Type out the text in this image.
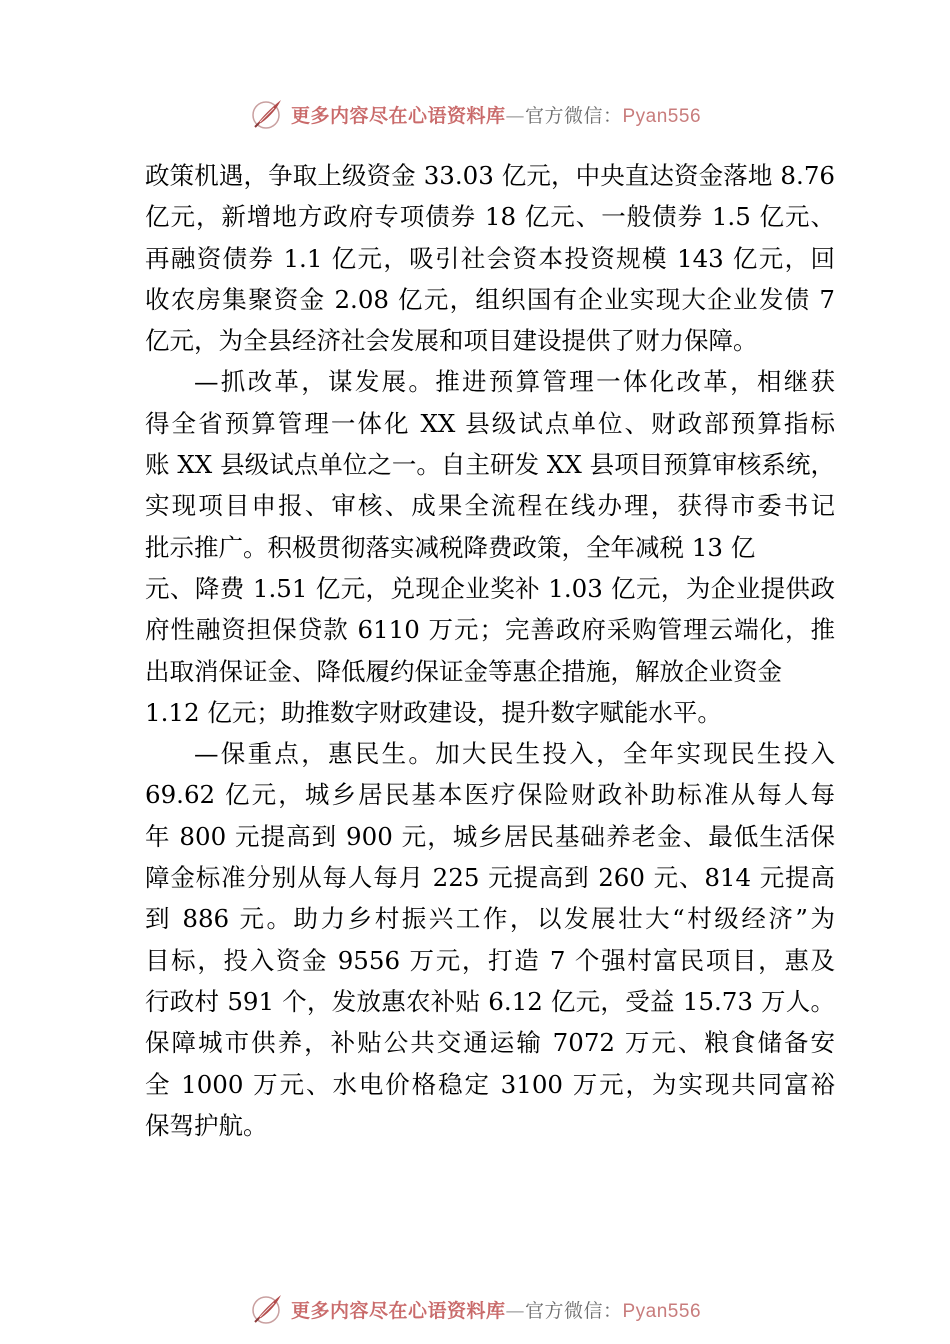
更多内容尽在心语资料库—官方微信：Pyan556
政策机遇，争取上级资金 33.03 亿元，中央直达资金落地 8.76
亿元，新增地方政府专项债券 18 亿元、一般债券 1.5 亿元、
再融资债券 1.1 亿元，吸引社会资本投资规模 143 亿元，回
收农房集聚资金 2.08 亿元，组织国有企业实现大企业发债 7
亿元，为全县经济社会发展和项目建设提供了财力保障。
—抓改革，谋发展。推进预算管理一体化改革，相继获
得全省预算管理一体化 XX 县级试点单位、财政部预算指标
账 XX 县级试点单位之一。自主研发 XX 县项目预算审核系统，
实现项目申报、审核、成果全流程在线办理，获得市委书记
批示推广。积极贯彻落实减税降费政策，全年减税 13 亿
元、降费 1.51 亿元，兑现企业奖补 1.03 亿元，为企业提供政
府性融资担保贷款 6110 万元；完善政府采购管理云端化，推
出取消保证金、降低履约保证金等惠企措施，解放企业资金
1.12 亿元；助推数字财政建设，提升数字赋能水平。
—保重点，惠民生。加大民生投入，全年实现民生投入
69.62 亿元，城乡居民基本医疗保险财政补助标准从每人每
年 800 元提高到 900 元，城乡居民基础养老金、最低生活保
障金标准分别从每人每月 225 元提高到 260 元、814 元提高
到 886 元。助力乡村振兴工作，以发展壮大“村级经济”为
目标，投入资金 9556 万元，打造 7 个强村富民项目，惠及
行政村 591 个，发放惠农补贴 6.12 亿元，受益 15.73 万人。
保障城市供养，补贴公共交通运输 7072 万元、粮食储备安
全 1000 万元、水电价格稳定 3100 万元，为实现共同富裕
保驾护航。
更多内容尽在心语资料库—官方微信：Pyan556
